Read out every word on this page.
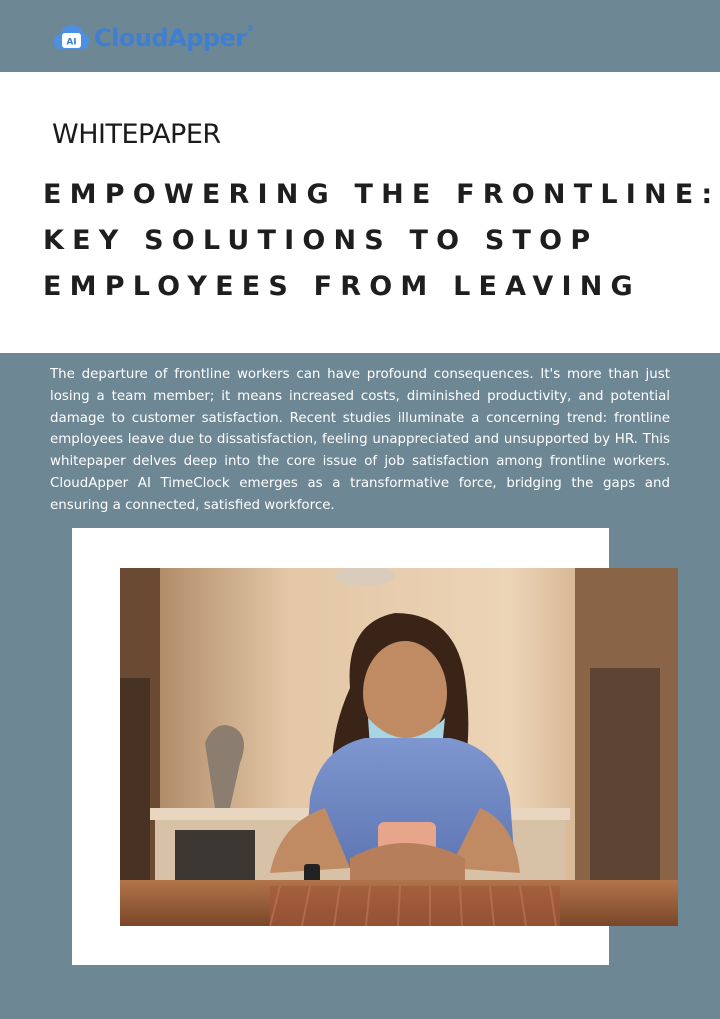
AI CloudApper®
WHITEPAPER
EMPOWERING THE FRONTLINE:
KEY SOLUTIONS TO STOP
EMPLOYEES FROM LEAVING

The departure of frontline workers can have profound consequences. It's more than just losing a team member; it means increased costs, diminished productivity, and potential damage to customer satisfaction. Recent studies illuminate a concerning trend: frontline employees leave due to dissatisfaction, feeling unappreciated and unsupported by HR. This whitepaper delves deep into the core issue of job satisfaction among frontline workers. CloudApper AI TimeClock emerges as a transformative force, bridging the gaps and ensuring a connected, satisfied workforce.
